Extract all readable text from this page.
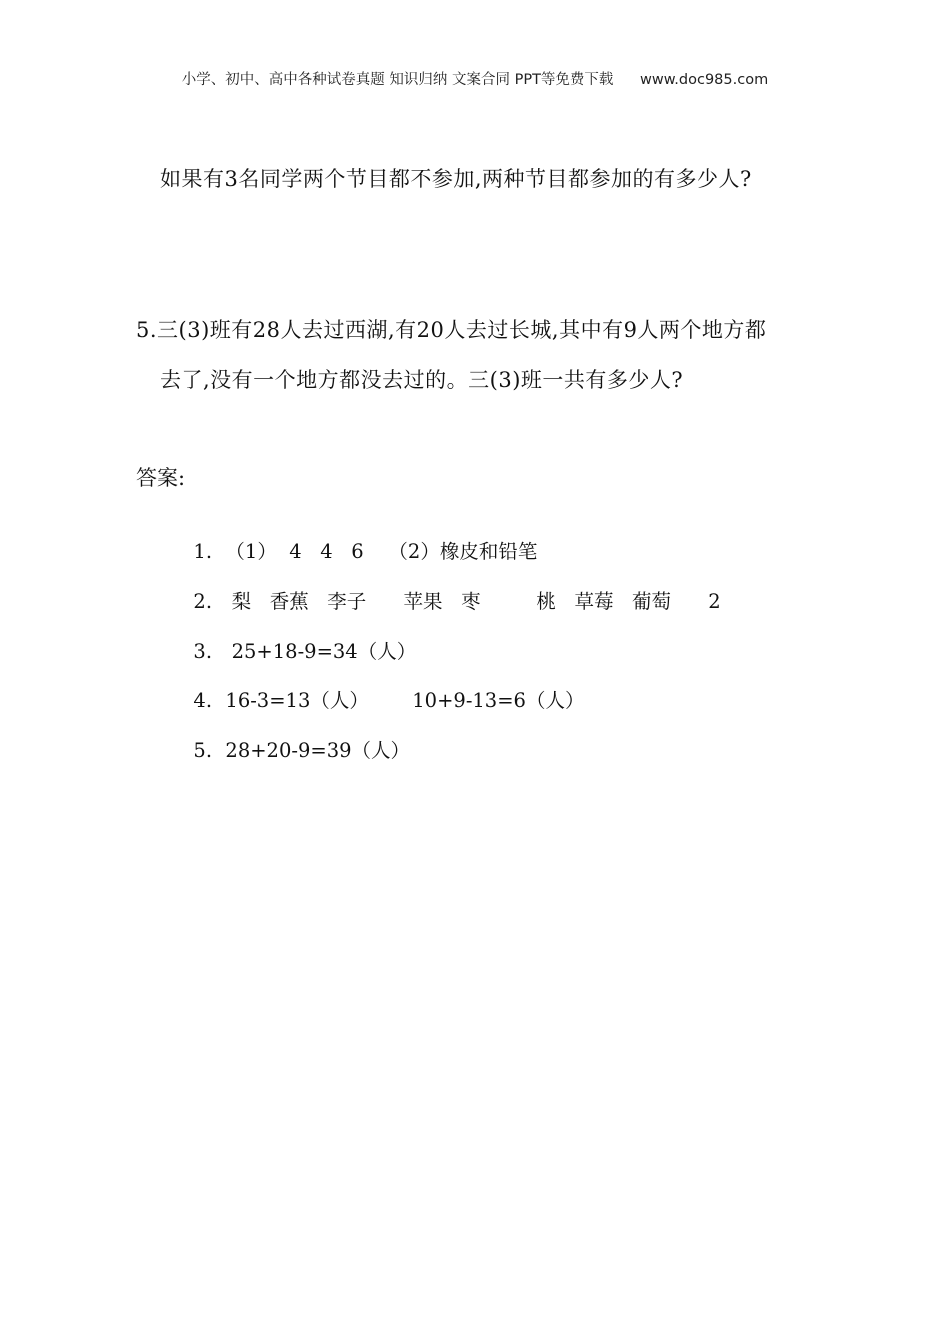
小学、初中、高中各种试卷真题 知识归纳 文案合同 PPT等免费下载 www.doc985.com
如果有3名同学两个节目都不参加,两种节目都参加的有多少人?
5.三(3)班有28人去过西湖,有20人去过长城,其中有9人两个地方都
去了,没有一个地方都没去过的。三(3)班一共有多少人?
答案:

1. （1）  4   4   6    （2）橡皮和铅笔

2. 梨   香蕉   李子      苹果   枣         桃   草莓   葡萄      2

3. 25+18-9=34（人）

4. 16-3=13（人）       10+9-13=6（人）

5. 28+20-9=39（人）
